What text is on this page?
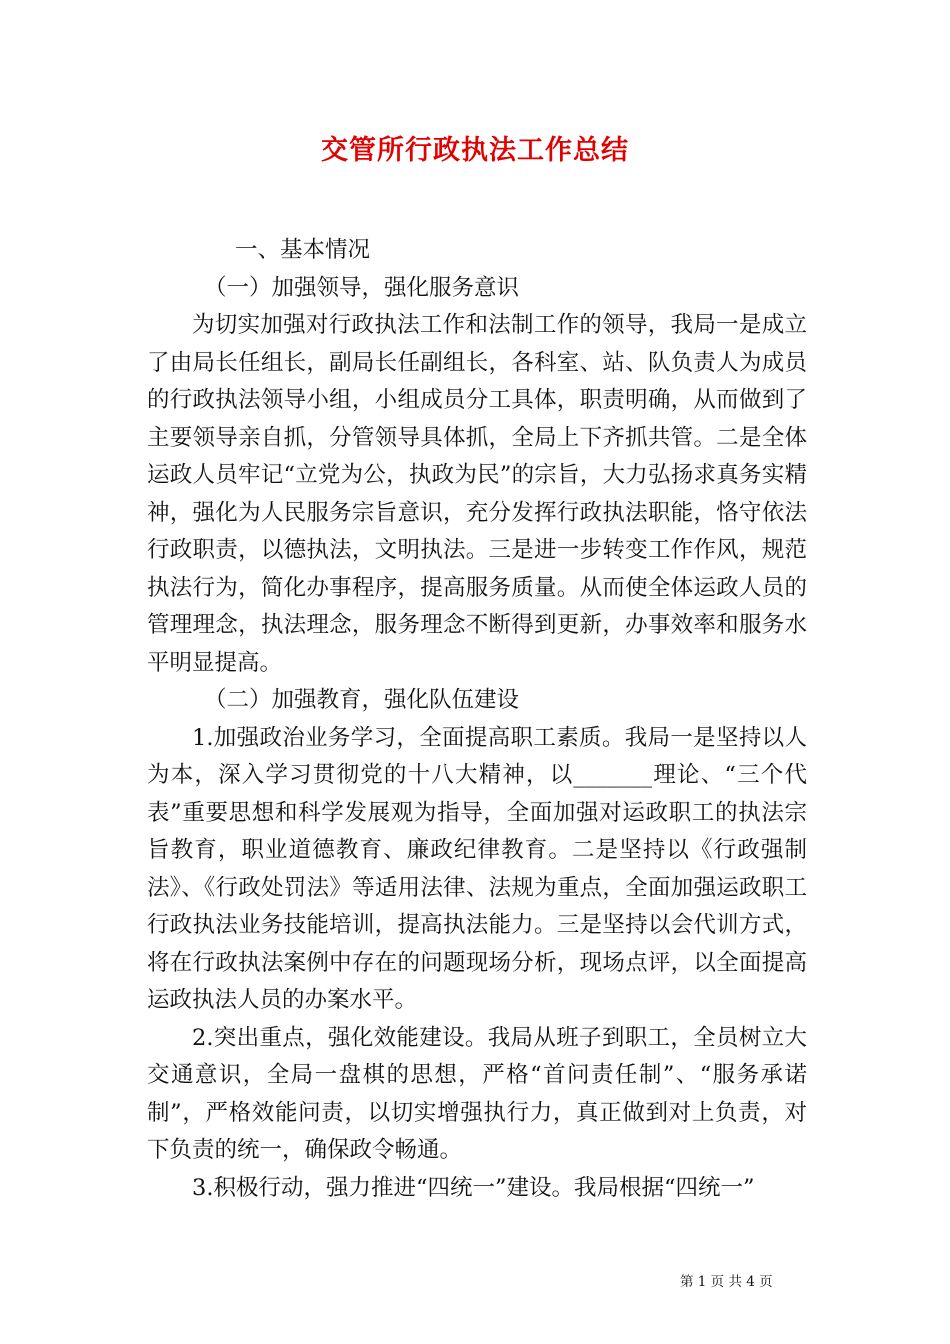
交管所行政执法工作总结

一、基本情况

（一）加强领导，强化服务意识

为切实加强对行政执法工作和法制工作的领导，我局一是成立了由局长任组长，副局长任副组长，各科室、站、队负责人为成员的行政执法领导小组，小组成员分工具体，职责明确，从而做到了主要领导亲自抓，分管领导具体抓，全局上下齐抓共管。二是全体运政人员牢记“立党为公，执政为民”的宗旨，大力弘扬求真务实精神，强化为人民服务宗旨意识，充分发挥行政执法职能，恪守依法行政职责，以德执法，文明执法。三是进一步转变工作作风，规范执法行为，简化办事程序，提高服务质量。从而使全体运政人员的管理理念，执法理念，服务理念不断得到更新，办事效率和服务水平明显提高。

（二）加强教育，强化队伍建设

1.加强政治业务学习，全面提高职工素质。我局一是坚持以人为本，深入学习贯彻党的十八大精神，以_______理论、“三个代表”重要思想和科学发展观为指导，全面加强对运政职工的执法宗旨教育，职业道德教育、廉政纪律教育。二是坚持以《行政强制法》、《行政处罚法》等适用法律、法规为重点，全面加强运政职工行政执法业务技能培训，提高执法能力。三是坚持以会代训方式，将在行政执法案例中存在的问题现场分析，现场点评，以全面提高运政执法人员的办案水平。

2.突出重点，强化效能建设。我局从班子到职工，全员树立大交通意识，全局一盘棋的思想，严格“首问责任制”、“服务承诺制”，严格效能问责，以切实增强执行力，真正做到对上负责，对下负责的统一，确保政令畅通。

3.积极行动，强力推进“四统一”建设。我局根据“四统一”

第 1 页 共 4 页
